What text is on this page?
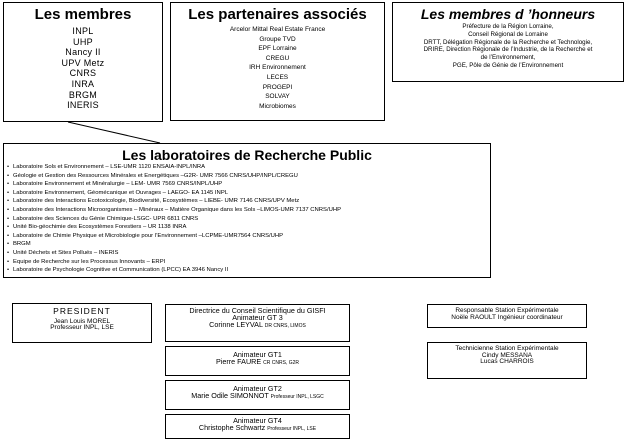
Les membres
INPL
UHP
Nancy II
UPV Metz
CNRS
INRA
BRGM
INERIS
Les partenaires associés
Arcelor Mittal Real Estate France
Groupe TVD
EPF Lorraine
CREGU
IRH Environnement
LECES
PROGEPI
SOLVAY
Microbiomes
Les membres d ’honneurs
Préfecture de la Région Lorraine,
Conseil Régional de Lorraine
DRTT, Délégation Régionale de la Recherche et Technologie,
DRIRE, Direction Régionale de l’Industrie, de la Recherche et
de l’Environnement,
PGE, Pôle de Génie de l’Environnement
Les laboratoires de Recherche Public
• Laboratoire Sols et Environnement – LSE-UMR 1120 ENSAIA-INPL/INRA
• Géologie et Gestion des Ressources Minérales et Energétiques –G2R- UMR 7566 CNRS/UHP/INPL/CREGU
• Laboratoire Environnement et Minéralurgie – LEM- UMR 7569 CNRS/INPL/UHP
• Laboratoire Environnement, Géomécanique et Ouvrages – LAEGO- EA 1145 INPL
• Laboratoire des Interactions Ecotoxicologie, Biodiversité, Ecosystèmes – LIEBE- UMR 7146 CNRS/UPV Metz
• Laboratoire des Interactions Microorganismes – Minéraux – Matière Organique dans les Sols –LIMOS-UMR 7137 CNRS/UHP
• Laboratoire des Sciences du Génie Chimique-LSGC- UPR 6811 CNRS
• Unité Bio-géochimie des Ecosystèmes Forestiers – UR 1138 INRA
• Laboratoire de Chimie Physique et Microbiologie pour l’Environnement –LCPME-UMR7564 CNRS/UHP
• BRGM
• Unité Déchets et Sites Pollués – INERIS
• Equipe de Recherche sur les Processus Innovants – ERPI
• Laboratoire de Psychologie Cognitive et Communication (LPCC) EA 3946 Nancy II
PRESIDENT
Jean Louis MOREL
Professeur INPL, LSE
Directrice du Conseil Scientifique du GISFI
Animateur GT 3
Corinne LEYVAL DR CNRS, LIMOS
Animateur GT1
Pierre FAURE CR CNRS, G2R
Animateur GT2
Marie Odile SIMONNOT Professeur INPL, LSGC
Animateur GT4
Christophe Schwartz Professeur INPL, LSE
Responsable Station Expérimentale
Noële RAOULT Ingénieur coordinateur
Technicienne Station Expérimentale
Cindy MESSANA
Lucas CHARROIS
